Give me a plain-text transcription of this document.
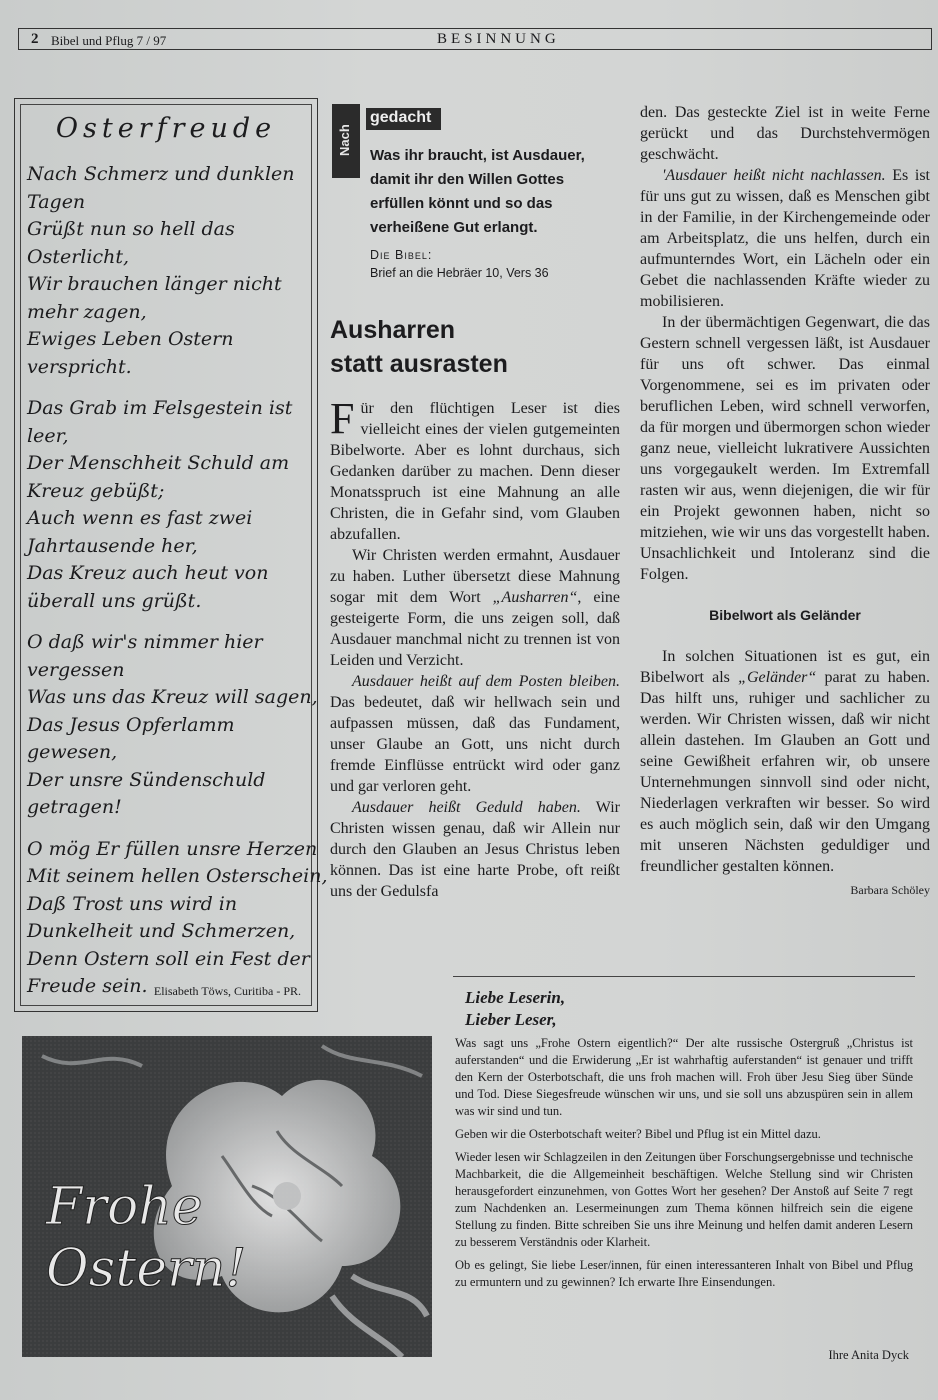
2 Bibel und Pflug 7 / 97	BESINNUNG
Osterfreude
Nach Schmerz und dunklen
Tagen
Grüßt nun so hell das
Osterlicht,
Wir brauchen länger nicht
mehr zagen,
Ewiges Leben Ostern
verspricht.
Das Grab im Felsgestein ist
leer,
Der Menschheit Schuld am
Kreuz gebüßt;
Auch wenn es fast zwei
Jahrtausende her,
Das Kreuz auch heut von
überall uns grüßt.
O daß wir's nimmer hier
vergessen
Was uns das Kreuz will sagen,
Das Jesus Opferlamm
gewesen,
Der unsre Sündenschuld
getragen!
O mög Er füllen unsre Herzen
Mit seinem hellen Osterschein,
Daß Trost uns wird in
Dunkelheit und Schmerzen,
Denn Ostern soll ein Fest der
Freude sein. Elisabeth Töws, Curitiba - PR.
Nach
gedacht
Was ihr braucht, ist Ausdauer, damit ihr den Willen Gottes erfüllen könnt und so das verheißene Gut erlangt.
Die Bibel:
Brief an die Hebräer 10, Vers 36
Ausharren
statt ausrasten

Für den flüchtigen Leser ist dies vielleicht eines der vielen gutgemeinten Bibelworte. Aber es lohnt durchaus, sich Gedanken darüber zu machen. Denn dieser Monatsspruch ist eine Mahnung an alle Christen, die in Gefahr sind, vom Glauben abzufallen.

Wir Christen werden ermahnt, Ausdauer zu haben. Luther übersetzt diese Mahnung sogar mit dem Wort „Ausharren“, eine gesteigerte Form, die uns zeigen soll, daß Ausdauer manchmal nicht zu trennen ist von Leiden und Verzicht.

Ausdauer heißt auf dem Posten bleiben. Das bedeutet, daß wir hellwach sein und aufpassen müssen, daß das Fundament, unser Glaube an Gott, uns nicht durch fremde Einflüsse entrückt wird oder ganz und gar verloren geht.

Ausdauer heißt Geduld haben. Wir Christen wissen genau, daß wir Allein nur durch den Glauben an Jesus Christus leben können. Das ist eine harte Probe, oft reißt uns der Gedulsfa

den. Das gesteckte Ziel ist in weite Ferne gerückt und das Durchstehvermögen geschwächt.

'Ausdauer heißt nicht nachlassen. Es ist für uns gut zu wissen, daß es Menschen gibt in der Familie, in der Kirchengemeinde oder am Arbeitsplatz, die uns helfen, durch ein aufmunterndes Wort, ein Lächeln oder ein Gebet die nachlassenden Kräfte wieder zu mobilisieren.

In der übermächtigen Gegenwart, die das Gestern schnell vergessen läßt, ist Ausdauer für uns oft schwer. Das einmal Vorgenommene, sei es im privaten oder beruflichen Leben, wird schnell verworfen, da für morgen und übermorgen schon wieder ganz neue, vielleicht lukrativere Aussichten uns vorgegaukelt werden. Im Extremfall rasten wir aus, wenn diejenigen, die wir für ein Projekt gewonnen haben, nicht so mitziehen, wie wir uns das vorgestellt haben. Unsachlichkeit und Intoleranz sind die Folgen.

Bibelwort als Geländer

In solchen Situationen ist es gut, ein Bibelwort als „Geländer“ parat zu haben. Das hilft uns, ruhiger und sachlicher zu werden. Wir Christen wissen, daß wir nicht allein dastehen. Im Glauben an Gott und seine Gewißheit erfahren wir, ob unsere Unternehmungen sinnvoll sind oder nicht, Niederlagen verkraften wir besser. So wird es auch möglich sein, daß wir den Umgang mit unseren Nächsten geduldiger und freundlicher gestalten können.

Barbara Schöley

Frohe
Ostern!
Liebe Leserin,
Lieber Leser,

Was sagt uns „Frohe Ostern eigentlich?“ Der alte russische Ostergruß „Christus ist auferstanden“ und die Erwiderung „Er ist wahrhaftig auferstanden“ ist genauer und trifft den Kern der Osterbotschaft, die uns froh machen will. Froh über Jesu Sieg über Sünde und Tod. Diese Siegesfreude wünschen wir uns, und sie soll uns abzuspüren sein in allem was wir sind und tun.

Geben wir die Osterbotschaft weiter? Bibel und Pflug ist ein Mittel dazu.

Wieder lesen wir Schlagzeilen in den Zeitungen über Forschungsergebnisse und technische Machbarkeit, die die Allgemeinheit beschäftigen. Welche Stellung sind wir Christen herausgefordert einzunehmen, von Gottes Wort her gesehen? Der Anstoß auf Seite 7 regt zum Nachdenken an. Lesermeinungen zum Thema können hilfreich sein die eigene Stellung zu finden. Bitte schreiben Sie uns ihre Meinung und helfen damit anderen Lesern zu besserem Verständnis oder Klarheit.

Ob es gelingt, Sie liebe Leser/innen, für einen interessanteren Inhalt von Bibel und Pflug zu ermuntern und zu gewinnen? Ich erwarte Ihre Einsendungen.

Ihre Anita Dyck
